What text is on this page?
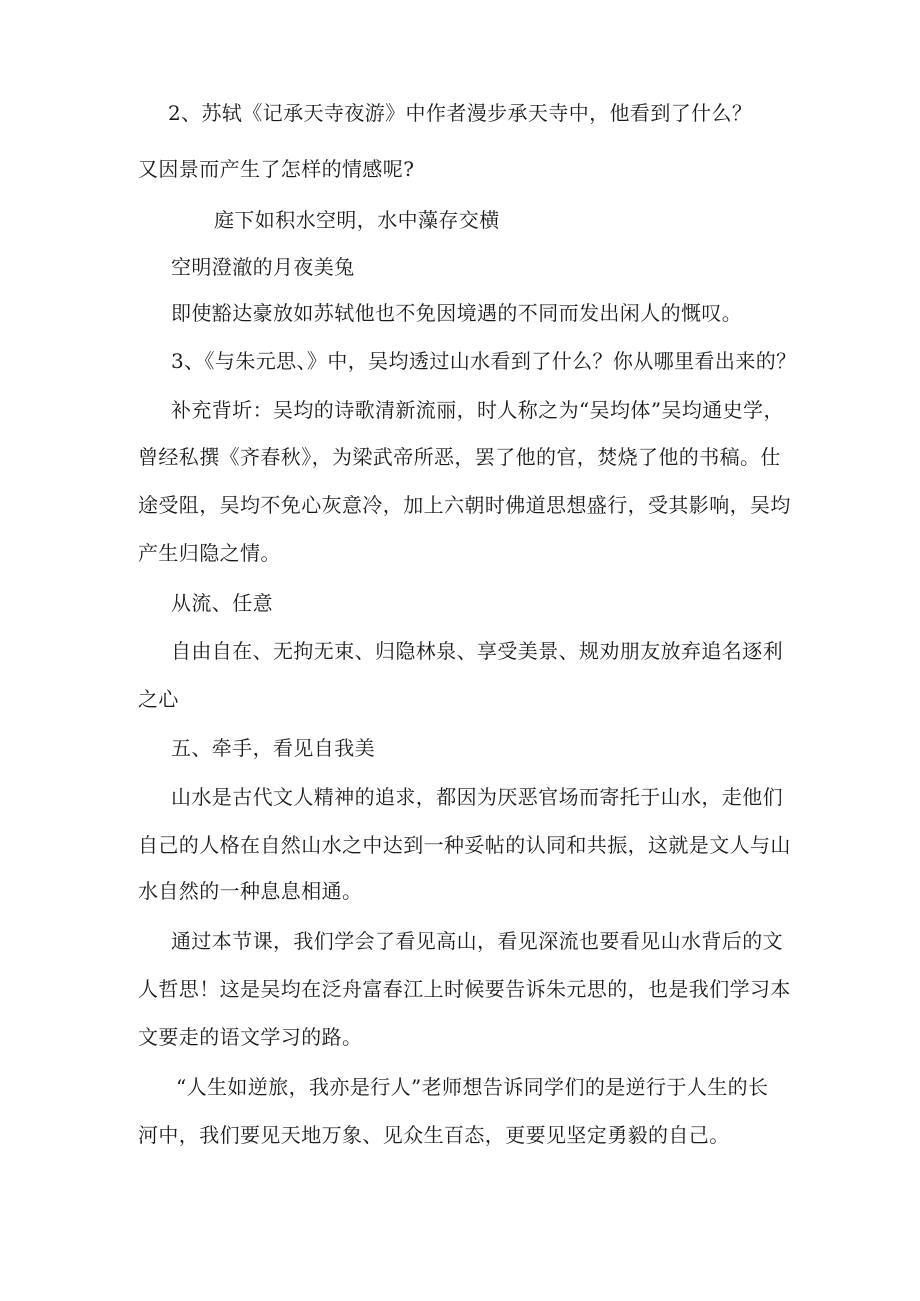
2、苏轼《记承天寺夜游》中作者漫步承天寺中，他看到了什么？
又因景而产生了怎样的情感呢?
庭下如积水空明，水中藻存交横
空明澄澈的月夜美兔
即使豁达豪放如苏轼他也不免因境遇的不同而发出闲人的慨叹。
3、《与朱元思、》中，吴均透过山水看到了什么？你从哪里看出来的？
补充背圻：吴均的诗歌清新流丽，时人称之为“吴均体”吴均通史学，
曾经私撰《齐春秋》，为梁武帝所恶，罢了他的官，焚烧了他的书稿。仕
途受阻，吴均不免心灰意冷，加上六朝时佛道思想盛行，受其影响，吴均
产生归隐之情。
从流、任意
自由自在、无拘无束、归隐林泉、享受美景、规劝朋友放弃追名逐利
之心
五、牵手，看见自我美
山水是古代文人精神的追求，都因为厌恶官场而寄托于山水，走他们
自己的人格在自然山水之中达到一种妥帖的认同和共振，这就是文人与山
水自然的一种息息相通。
通过本节课，我们学会了看见高山，看见深流也要看见山水背后的文
人哲思！这是吴均在泛舟富春江上时候要告诉朱元思的，也是我们学习本
文要走的语文学习的路。
“人生如逆旅，我亦是行人”老师想告诉同学们的是逆行于人生的长
河中，我们要见天地万象、见众生百态，更要见坚定勇毅的自己。
